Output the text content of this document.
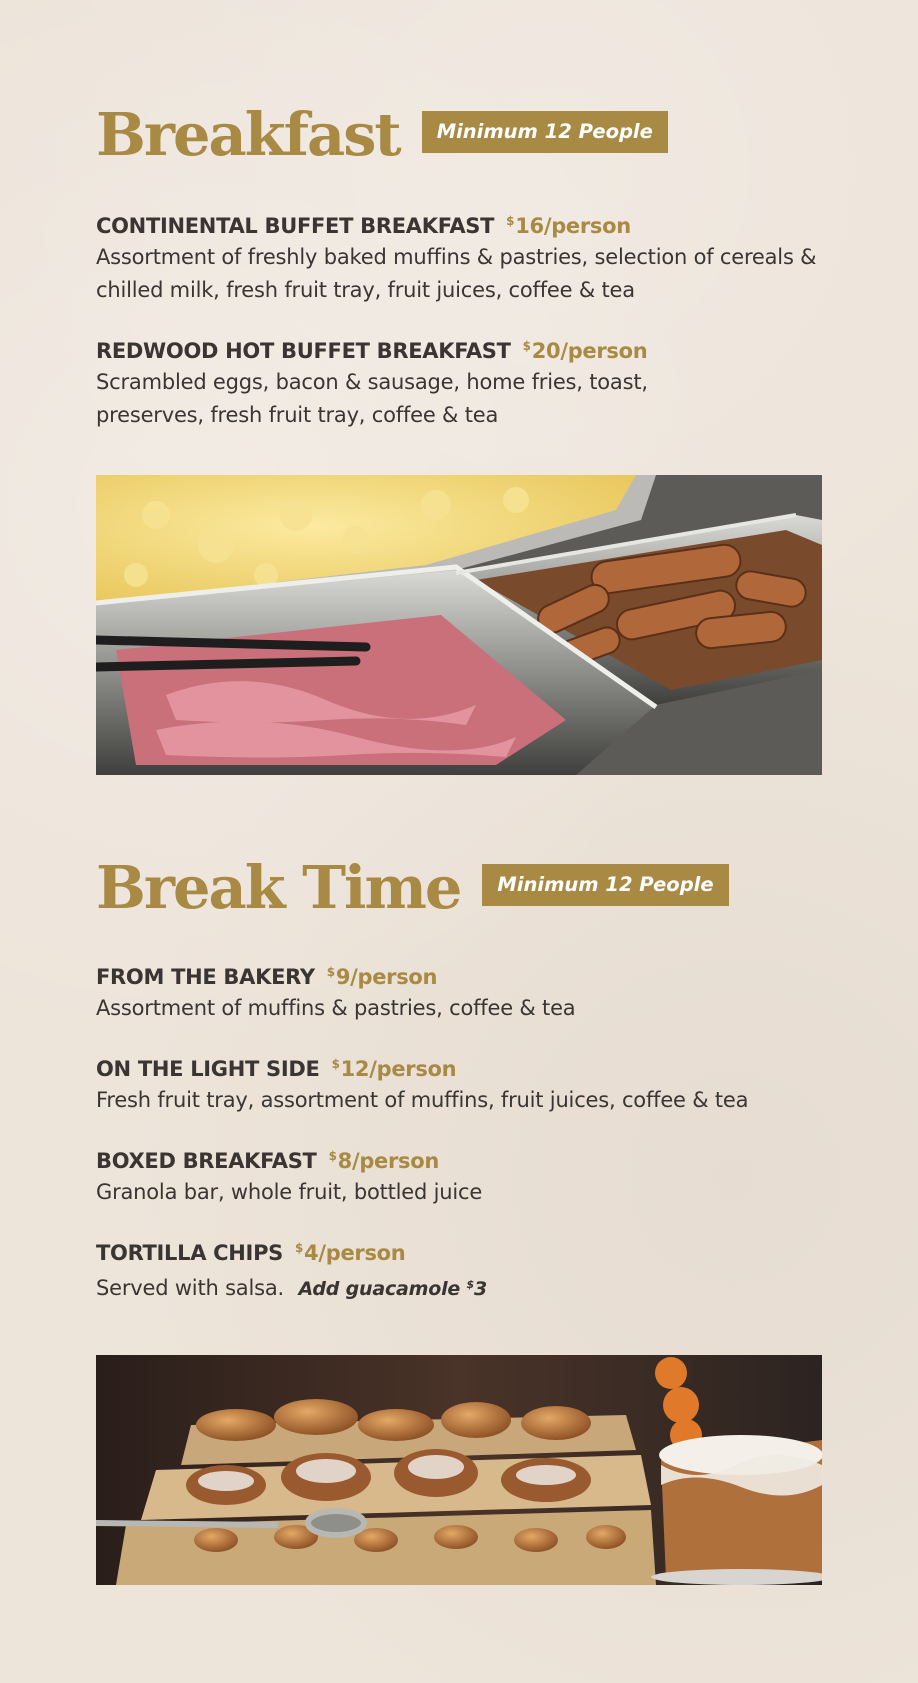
Breakfast	Minimum 12 People
CONTINENTAL BUFFET BREAKFAST $16/person
Assortment of freshly baked muffins & pastries, selection of cereals & chilled milk, fresh fruit tray, fruit juices, coffee & tea
REDWOOD HOT BUFFET BREAKFAST $20/person
Scrambled eggs, bacon & sausage, home fries, toast, preserves, fresh fruit tray, coffee & tea
Break Time	Minimum 12 People
FROM THE BAKERY $9/person
Assortment of muffins & pastries, coffee & tea
ON THE LIGHT SIDE $12/person
Fresh fruit tray, assortment of muffins, fruit juices, coffee & tea
BOXED BREAKFAST $8/person
Granola bar, whole fruit, bottled juice
TORTILLA CHIPS $4/person
Served with salsa. Add guacamole $3
